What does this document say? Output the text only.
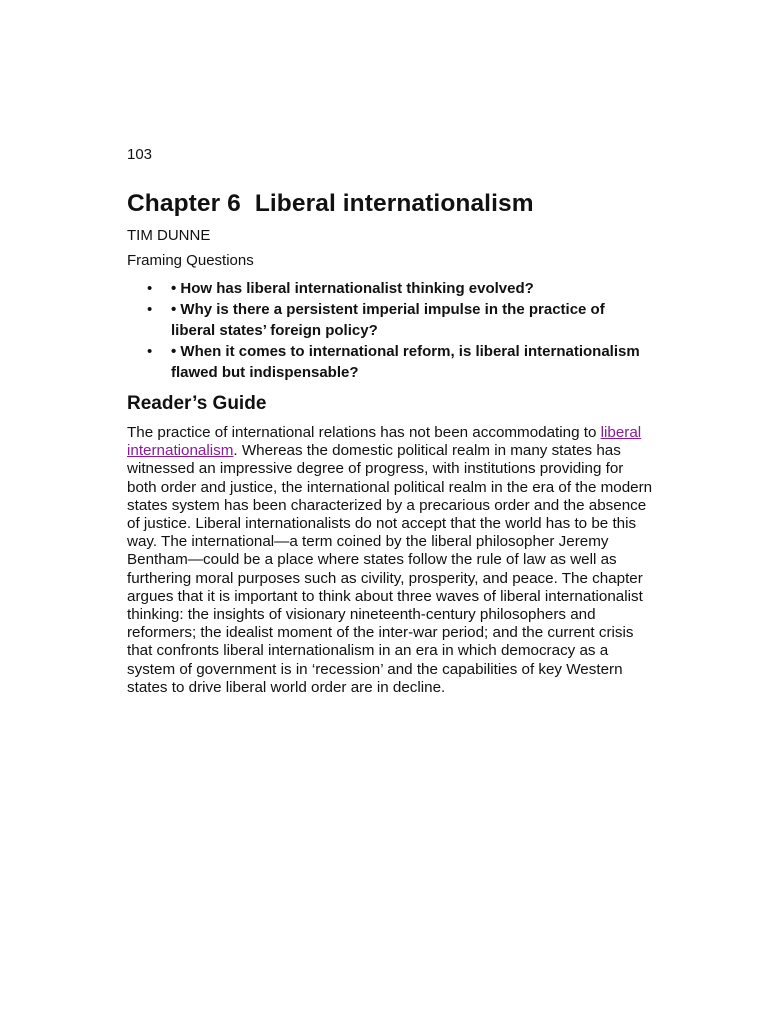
103
Chapter 6 Liberal internationalism
TIM DUNNE
Framing Questions
• • How has liberal internationalist thinking evolved?
• • Why is there a persistent imperial impulse in the practice of liberal states’ foreign policy?
• • When it comes to international reform, is liberal internationalism flawed but indispensable?
Reader’s Guide

The practice of international relations has not been accommodating to liberal internationalism. Whereas the domestic political realm in many states has witnessed an impressive degree of progress, with institutions providing for both order and justice, the international political realm in the era of the modern states system has been characterized by a precarious order and the absence of justice. Liberal internationalists do not accept that the world has to be this way. The international—a term coined by the liberal philosopher Jeremy Bentham—could be a place where states follow the rule of law as well as furthering moral purposes such as civility, prosperity, and peace. The chapter argues that it is important to think about three waves of liberal internationalist thinking: the insights of visionary nineteenth-century philosophers and reformers; the idealist moment of the inter-war period; and the current crisis that confronts liberal internationalism in an era in which democracy as a system of government is in ‘recession’ and the capabilities of key Western states to drive liberal world order are in decline.
